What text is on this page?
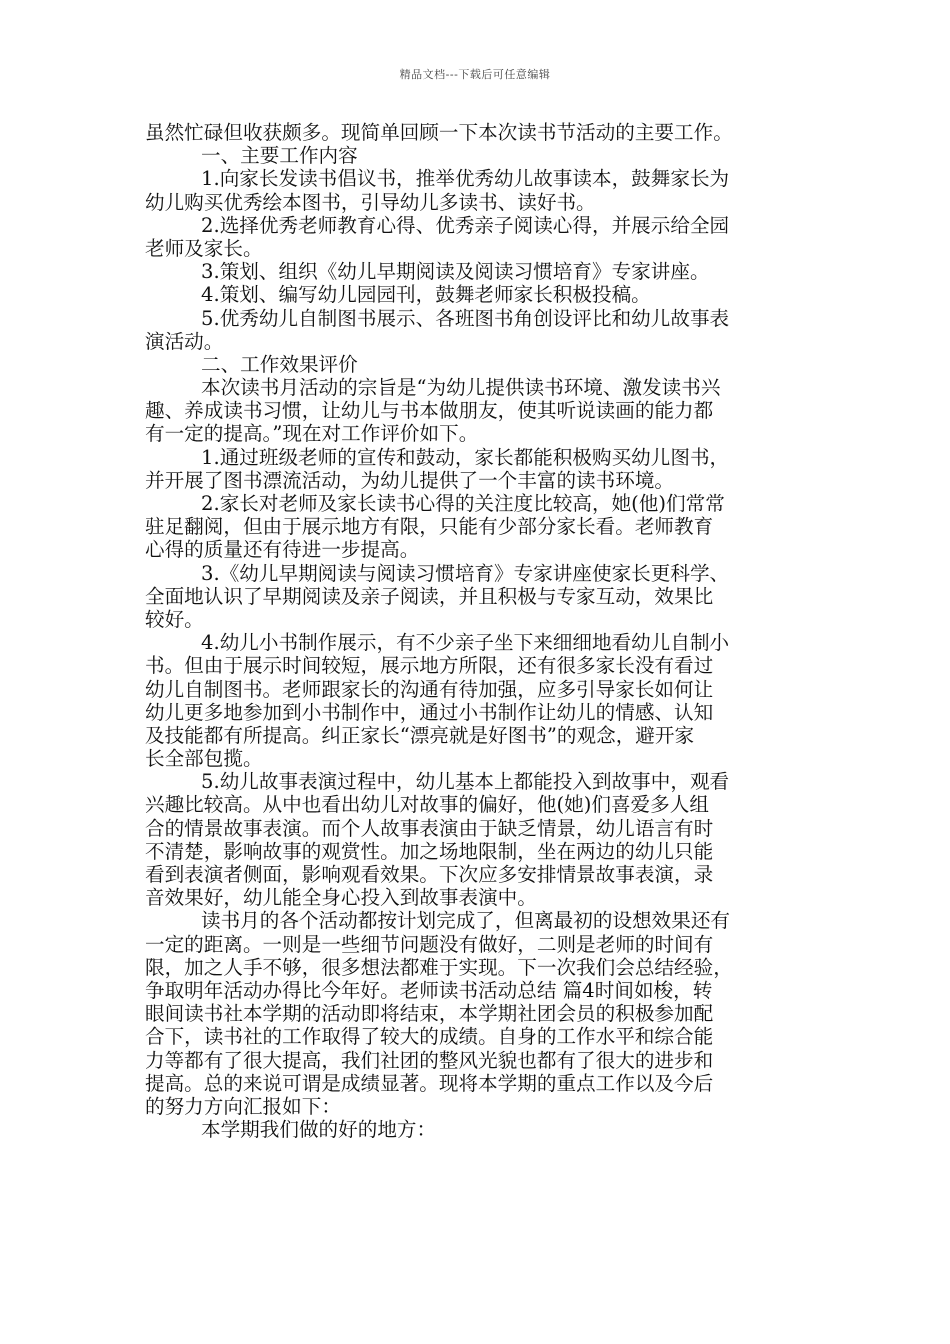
精品文档---下载后可任意编辑
虽然忙碌但收获颇多。现简单回顾一下本次读书节活动的主要工作。
一、主要工作内容
1.向家长发读书倡议书，推举优秀幼儿故事读本，鼓舞家长为
幼儿购买优秀绘本图书，引导幼儿多读书、读好书。
2.选择优秀老师教育心得、优秀亲子阅读心得，并展示给全园
老师及家长。
3.策划、组织《幼儿早期阅读及阅读习惯培育》专家讲座。
4.策划、编写幼儿园园刊，鼓舞老师家长积极投稿。
5.优秀幼儿自制图书展示、各班图书角创设评比和幼儿故事表
演活动。
二、工作效果评价
本次读书月活动的宗旨是“为幼儿提供读书环境、激发读书兴
趣、养成读书习惯，让幼儿与书本做朋友，使其听说读画的能力都
有一定的提高。”现在对工作评价如下。
1.通过班级老师的宣传和鼓动，家长都能积极购买幼儿图书，
并开展了图书漂流活动，为幼儿提供了一个丰富的读书环境。
2.家长对老师及家长读书心得的关注度比较高，她(他)们常常
驻足翻阅，但由于展示地方有限，只能有少部分家长看。老师教育
心得的质量还有待进一步提高。
3.《幼儿早期阅读与阅读习惯培育》专家讲座使家长更科学、
全面地认识了早期阅读及亲子阅读，并且积极与专家互动，效果比
较好。
4.幼儿小书制作展示，有不少亲子坐下来细细地看幼儿自制小
书。但由于展示时间较短，展示地方所限，还有很多家长没有看过
幼儿自制图书。老师跟家长的沟通有待加强，应多引导家长如何让
幼儿更多地参加到小书制作中，通过小书制作让幼儿的情感、认知
及技能都有所提高。纠正家长“漂亮就是好图书”的观念，避开家
长全部包揽。
5.幼儿故事表演过程中，幼儿基本上都能投入到故事中，观看
兴趣比较高。从中也看出幼儿对故事的偏好，他(她)们喜爱多人组
合的情景故事表演。而个人故事表演由于缺乏情景，幼儿语言有时
不清楚，影响故事的观赏性。加之场地限制，坐在两边的幼儿只能
看到表演者侧面，影响观看效果。下次应多安排情景故事表演，录
音效果好，幼儿能全身心投入到故事表演中。
读书月的各个活动都按计划完成了，但离最初的设想效果还有
一定的距离。一则是一些细节问题没有做好，二则是老师的时间有
限，加之人手不够，很多想法都难于实现。下一次我们会总结经验，
争取明年活动办得比今年好。老师读书活动总结 篇4时间如梭，转
眼间读书社本学期的活动即将结束，本学期社团会员的积极参加配
合下，读书社的工作取得了较大的成绩。自身的工作水平和综合能
力等都有了很大提高，我们社团的整风光貌也都有了很大的进步和
提高。总的来说可谓是成绩显著。现将本学期的重点工作以及今后
的努力方向汇报如下：
本学期我们做的好的地方：
